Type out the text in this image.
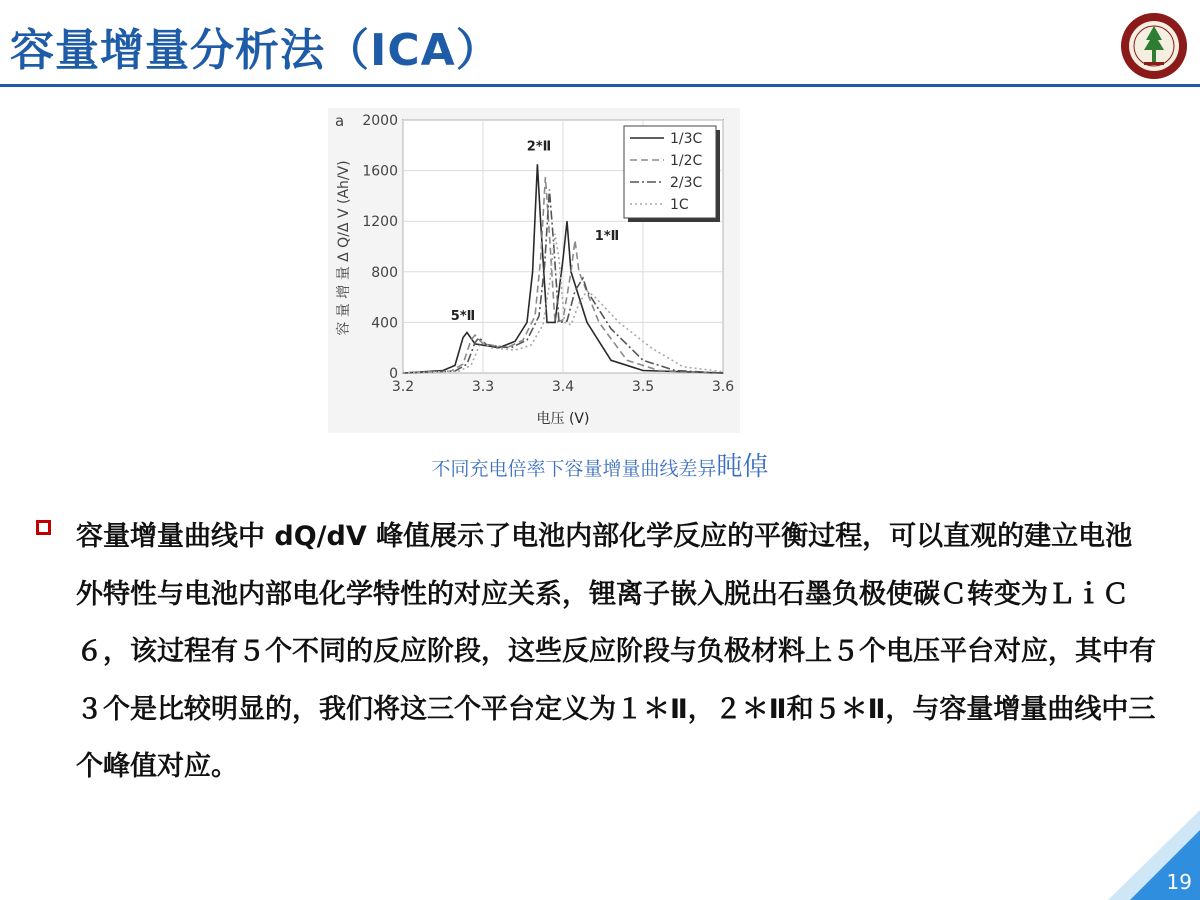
容量增量分析法（ICA）
a
3.2	3.3	3.4	3.5	3.6
0
400
800
1200
1600
2000
2*Ⅱ
1*Ⅱ
5*Ⅱ
容 量 增 量 Δ Q/Δ V (Ah/V)
1/3C
1/2C
2/3C
1C
电压 (V)
不同充电倍率下容量增量曲线差异盹倬
容量增量曲线中 dQ/dV 峰值展示了电池内部化学反应的平衡过程，可以直观的建立电池外特性与电池内部电化学特性的对应关系，锂离子嵌入脱出石墨负极使碳Ｃ转变为ＬｉＣ６，该过程有５个不同的反应阶段，这些反应阶段与负极材料上５个电压平台对应，其中有３个是比较明显的，我们将这三个平台定义为１＊Ⅱ，２＊Ⅱ和５＊Ⅱ，与容量增量曲线中三个峰值对应。
19
